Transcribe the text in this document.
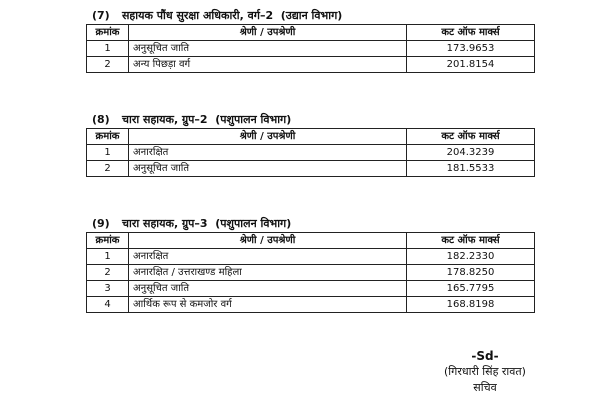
(7) सहायक पौंध सुरक्षा अधिकारी, वर्ग–2 (उद्यान विभाग)
क्रमांक	श्रेणी / उपश्रेणी	कट ऑफ मार्क्स
1	अनुसूचित जाति	173.9653
2	अन्य पिछड़ा वर्ग	201.8154
(8) चारा सहायक, ग्रुप–2 (पशुपालन विभाग)
क्रमांक	श्रेणी / उपश्रेणी	कट ऑफ मार्क्स
1	अनारक्षित	204.3239
2	अनुसूचित जाति	181.5533
(9) चारा सहायक, ग्रुप–3 (पशुपालन विभाग)
क्रमांक	श्रेणी / उपश्रेणी	कट ऑफ मार्क्स
1	अनारक्षित	182.2330
2	अनारक्षित / उत्तराखण्ड महिला	178.8250
3	अनुसूचित जाति	165.7795
4	आर्थिक रूप से कमजोर वर्ग	168.8198
-Sd-
(गिरधारी सिंह रावत)
सचिव
